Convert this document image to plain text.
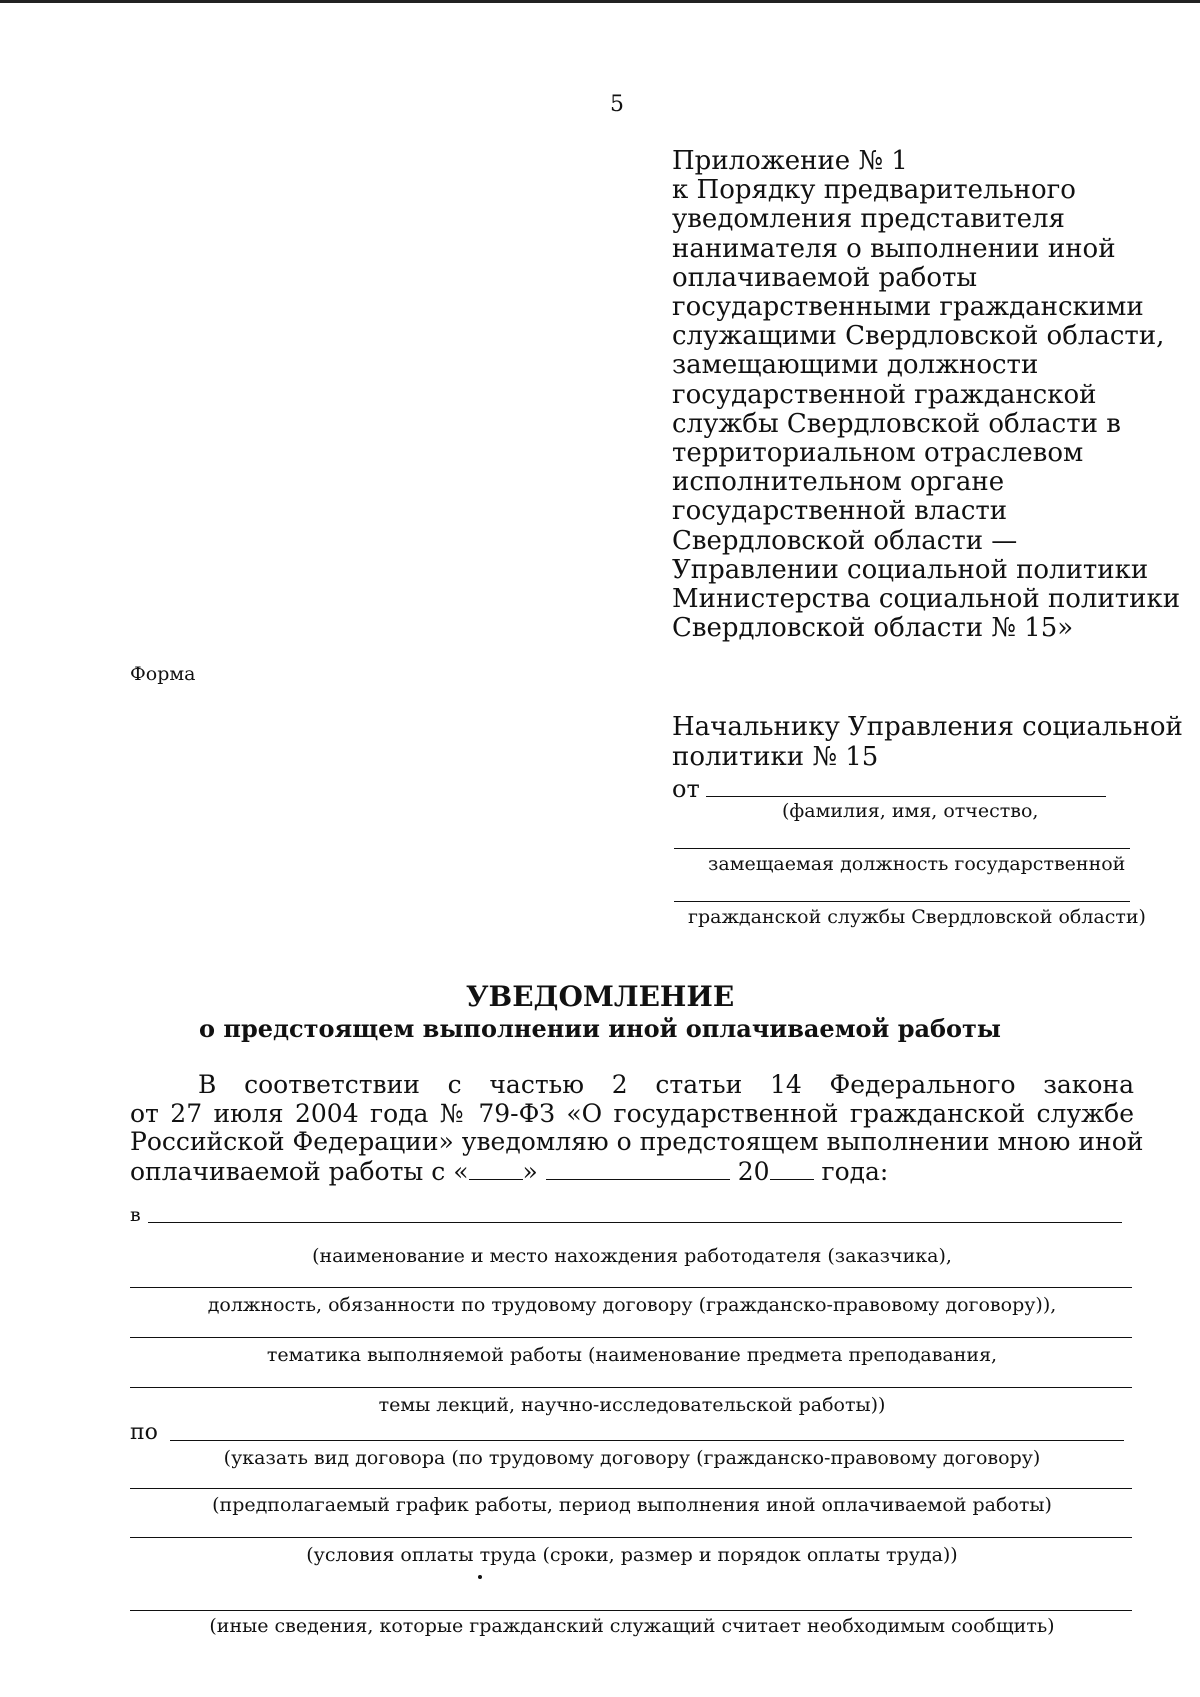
5
Приложение № 1
к Порядку предварительного
уведомления представителя
нанимателя о выполнении иной
оплачиваемой работы
государственными гражданскими
служащими Свердловской области,
замещающими должности
государственной гражданской
службы Свердловской области в
территориальном отраслевом
исполнительном органе
государственной власти
Свердловской области —
Управлении социальной политики
Министерства социальной политики
Свердловской области № 15»
Форма
Начальнику Управления социальной
политики № 15
от
(фамилия, имя, отчество,
замещаемая должность государственной
гражданской службы Свердловской области)
УВЕДОМЛЕНИЕ
о предстоящем выполнении иной оплачиваемой работы
В соответствии с частью 2 статьи 14 Федерального закона
от 27 июля 2004 года № 79-ФЗ «О государственной гражданской службе
Российской Федерации» уведомляю о предстоящем выполнении мною иной
оплачиваемой работы с « »	20 года:
в
(наименование и место нахождения работодателя (заказчика),
должность, обязанности по трудовому договору (гражданско-правовому договору)),
тематика выполняемой работы (наименование предмета преподавания,
темы лекций, научно-исследовательской работы))
по
(указать вид договора (по трудовому договору (гражданско-правовому договору)
(предполагаемый график работы, период выполнения иной оплачиваемой работы)
(условия оплаты труда (сроки, размер и порядок оплаты труда))
(иные сведения, которые гражданский служащий считает необходимым сообщить)
